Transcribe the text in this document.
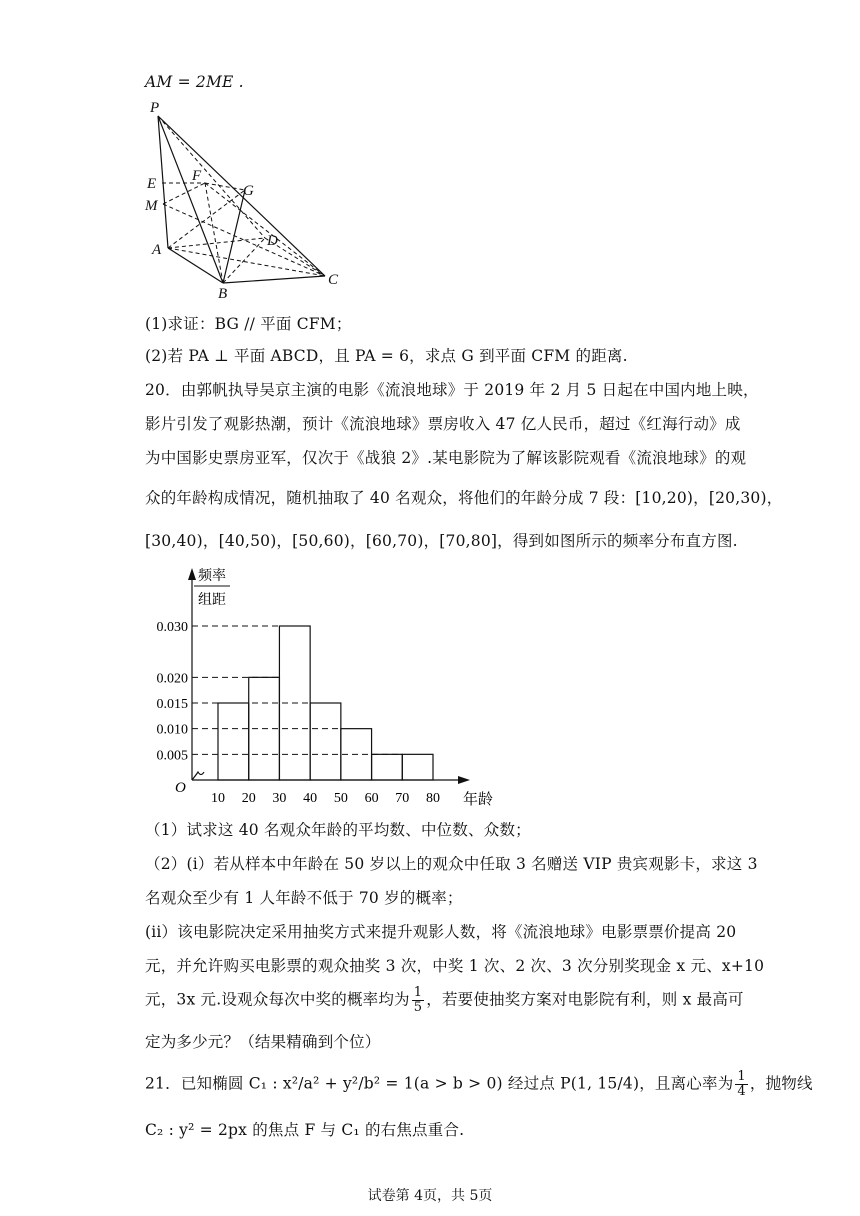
AM = 2ME .
P
E F
G
M
D
A
B
C
(1)求证：BG // 平面 CFM；
(2)若 PA ⊥ 平面 ABCD，且 PA = 6，求点 G 到平面 CFM 的距离.
20．由郭帆执导吴京主演的电影《流浪地球》于 2019 年 2 月 5 日起在中国内地上映，
影片引发了观影热潮，预计《流浪地球》票房收入 47 亿人民币，超过《红海行动》成
为中国影史票房亚军，仅次于《战狼 2》.某电影院为了解该影院观看《流浪地球》的观
众的年龄构成情况，随机抽取了 40 名观众，将他们的年龄分成 7 段：[10,20)，[20,30)，
[30,40)，[40,50)，[50,60)，[60,70)，[70,80]，得到如图所示的频率分布直方图.
频率
组距
O
年龄
0.005
0.010
0.015
0.020
0.030
10 20 30 40 50 60 70 80
（1）试求这 40 名观众年龄的平均数、中位数、众数；
（2）(i）若从样本中年龄在 50 岁以上的观众中任取 3 名赠送 VIP 贵宾观影卡，求这 3
名观众至少有 1 人年龄不低于 70 岁的概率；
(ii）该电影院决定采用抽奖方式来提升观影人数，将《流浪地球》电影票票价提高 20
元，并允许购买电影票的观众抽奖 3 次，中奖 1 次、2 次、3 次分别奖现金 x 元、x+10
元，3x 元.设观众每次中奖的概率均为 $\frac{1}{5}$ ，若要使抽奖方案对电影院有利，则 x 最高可
定为多少元？（结果精确到个位）
21．已知椭圆 C₁ : x²/a² + y²/b² = 1(a > b > 0) 经过点 P(1, 15/4)，且离心率为 $\frac{1}{4}$ ，抛物线
C₂ : y² = 2px 的焦点 F 与 C₁ 的右焦点重合.
试卷第 4页，共 5页
